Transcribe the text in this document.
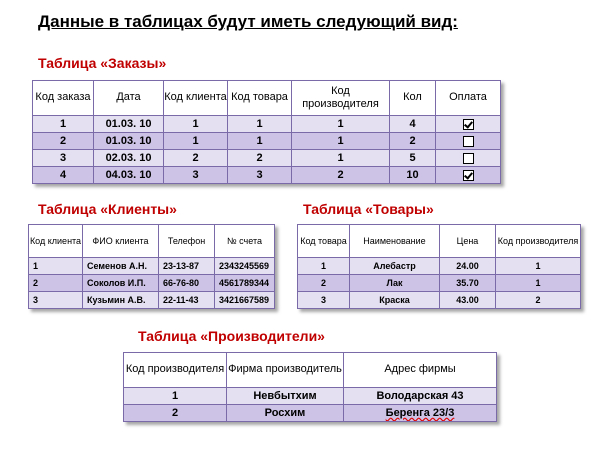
Данные в таблицах будут иметь следующий вид:
Таблица «Заказы»
Код заказа	Дата	Код клиента	Код товара	Код производителя	Кол	Оплата
1	01.03. 10	1	1	1	4	
2	01.03. 10	1	1	1	2	
3	02.03. 10	2	2	1	5	
4	04.03. 10	3	3	2	10	
Таблица «Клиенты»
Код клиента	ФИО клиента	Телефон	№ счета
1	Семенов А.Н.	23-13-87	2343245569
2	Соколов И.П.	66-76-80	4561789344
3	Кузьмин А.В.	22-11-43	3421667589
Таблица «Товары»
Код товара	Наименование	Цена	Код производителя
1	Алебастр	24.00	1
2	Лак	35.70	1
3	Краска	43.00	2
Таблица «Производители»
Код производителя	Фирма производитель	Адрес фирмы
1	Невбытхим	Володарская 43
2	Росхим	Беренга 23/3
